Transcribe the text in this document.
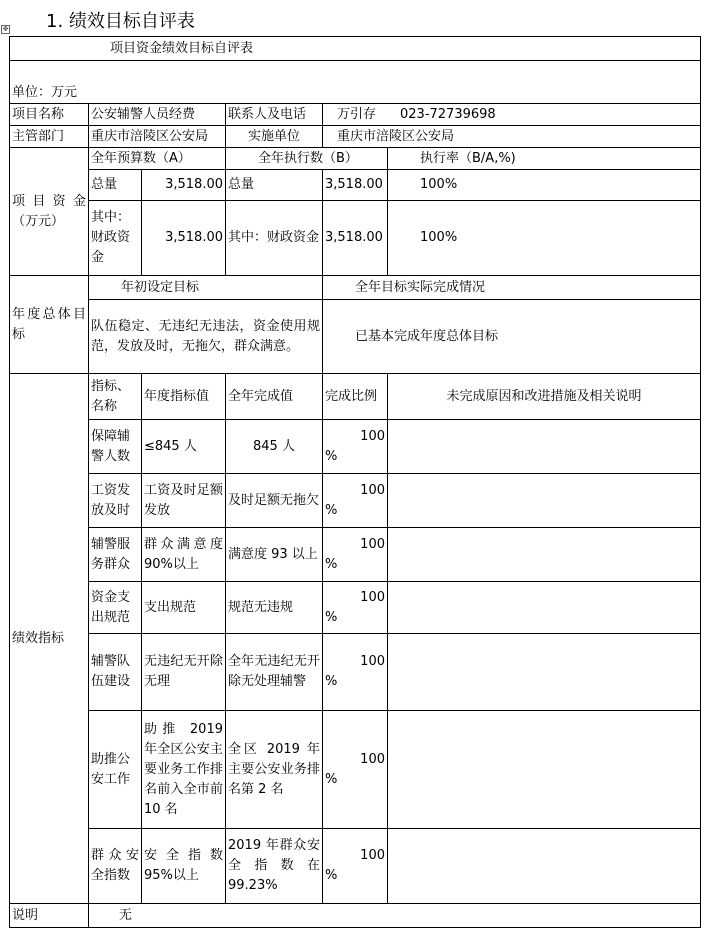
1. 绩效目标自评表
✥
项目资金绩效目标自评表					
单位：万元					
项目名称	公安辅警人员经费		联系人及电话	万引存 023-72739698	
主管部门	重庆市涪陵区公安局		实施单位	重庆市涪陵区公安局	
项 目 资 金（万元）	全年预算数（A）		全年执行数（B）		执行率（B/A,%)
	总量	3,518.00	总量	3,518.00	100%
	其中：财政资金	3,518.00	其中：财政资金	3,518.00	100%
年度总体目标	年初设定目标			全年目标实际完成情况	
	队伍稳定、无违纪无违法，资金使用规范，发放及时，无拖欠，群众满意。			已基本完成年度总体目标	
绩效指标	指标、名称	年度指标值	全年完成值	完成比例	未完成原因和改进措施及相关说明
	保障辅警人数	≤845 人	845 人	100
%	

	工资发放及时	工资及时足额发放	及时足额无拖欠	100
%	

	辅警服务群众	群众满意度 90%以上	满意度 93 以上	100
%	

	资金支出规范	支出规范	规范无违规	100
%	

	辅警队伍建设	无违纪无开除无理	全年无违纪无开除无处理辅警	100
%	

	助推公安工作	助推 2019 年全区公安主要业务工作排名前入全市前 10 名	全区 2019 年主要公安业务排名第 2 名	100
%	

	群众安全指数	安全指数 95%以上	2019 年群众安全指数在 99.23%	100
%	

说明	无				
